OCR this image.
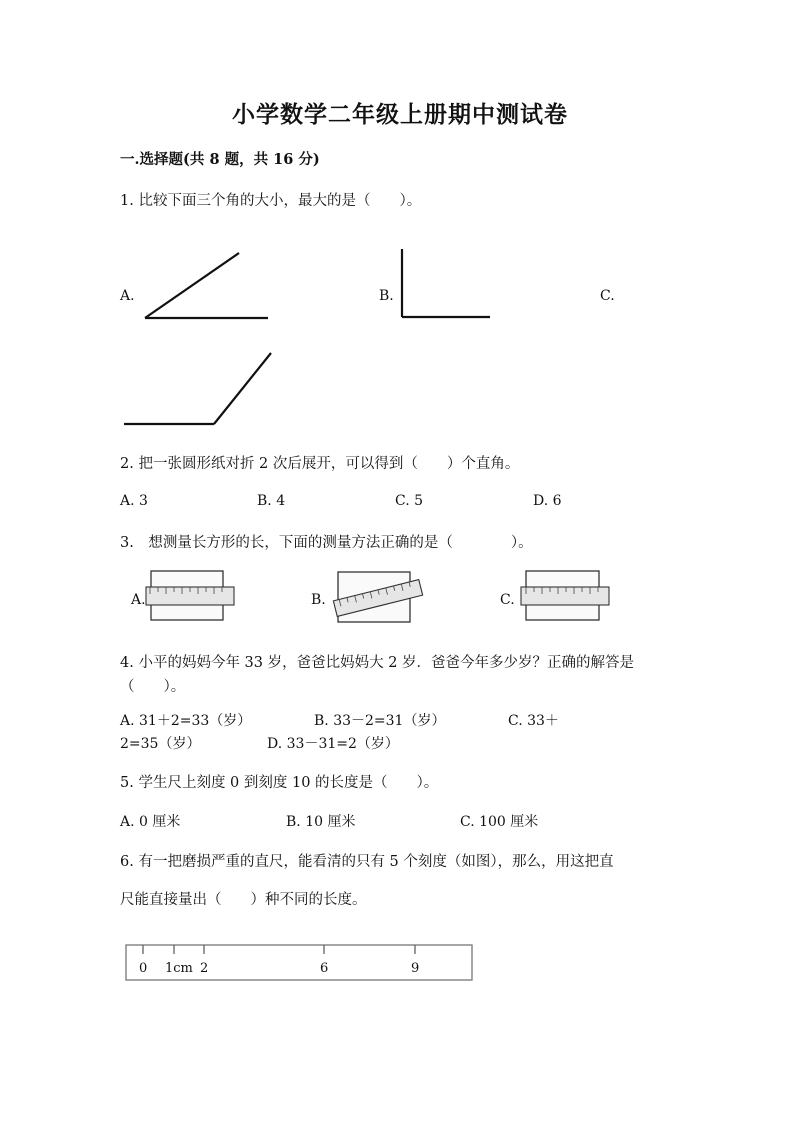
小学数学二年级上册期中测试卷
一.选择题(共 8 题，共 16 分)
1. 比较下面三个角的大小，最大的是（　　）。
A.	B.	C.
2. 把一张圆形纸对折 2 次后展开，可以得到（　　）个直角。
A. 3	B. 4	C. 5	D. 6
3.　想测量长方形的长，下面的测量方法正确的是（　　　　）。
A.	B.	C.
4. 小平的妈妈今年 33 岁，爸爸比妈妈大 2 岁．爸爸今年多少岁？正确的解答是
（　　）。
A. 31＋2=33（岁）	B. 33－2=31（岁）	C. 33＋
2=35（岁）	D. 33－31=2（岁）
5. 学生尺上刻度 0 到刻度 10 的长度是（　　）。
A. 0 厘米	B. 10 厘米	C. 100 厘米
6. 有一把磨损严重的直尺，能看清的只有 5 个刻度（如图），那么，用这把直
尺能直接量出（　　）种不同的长度。
0 1cm 2	6	9
